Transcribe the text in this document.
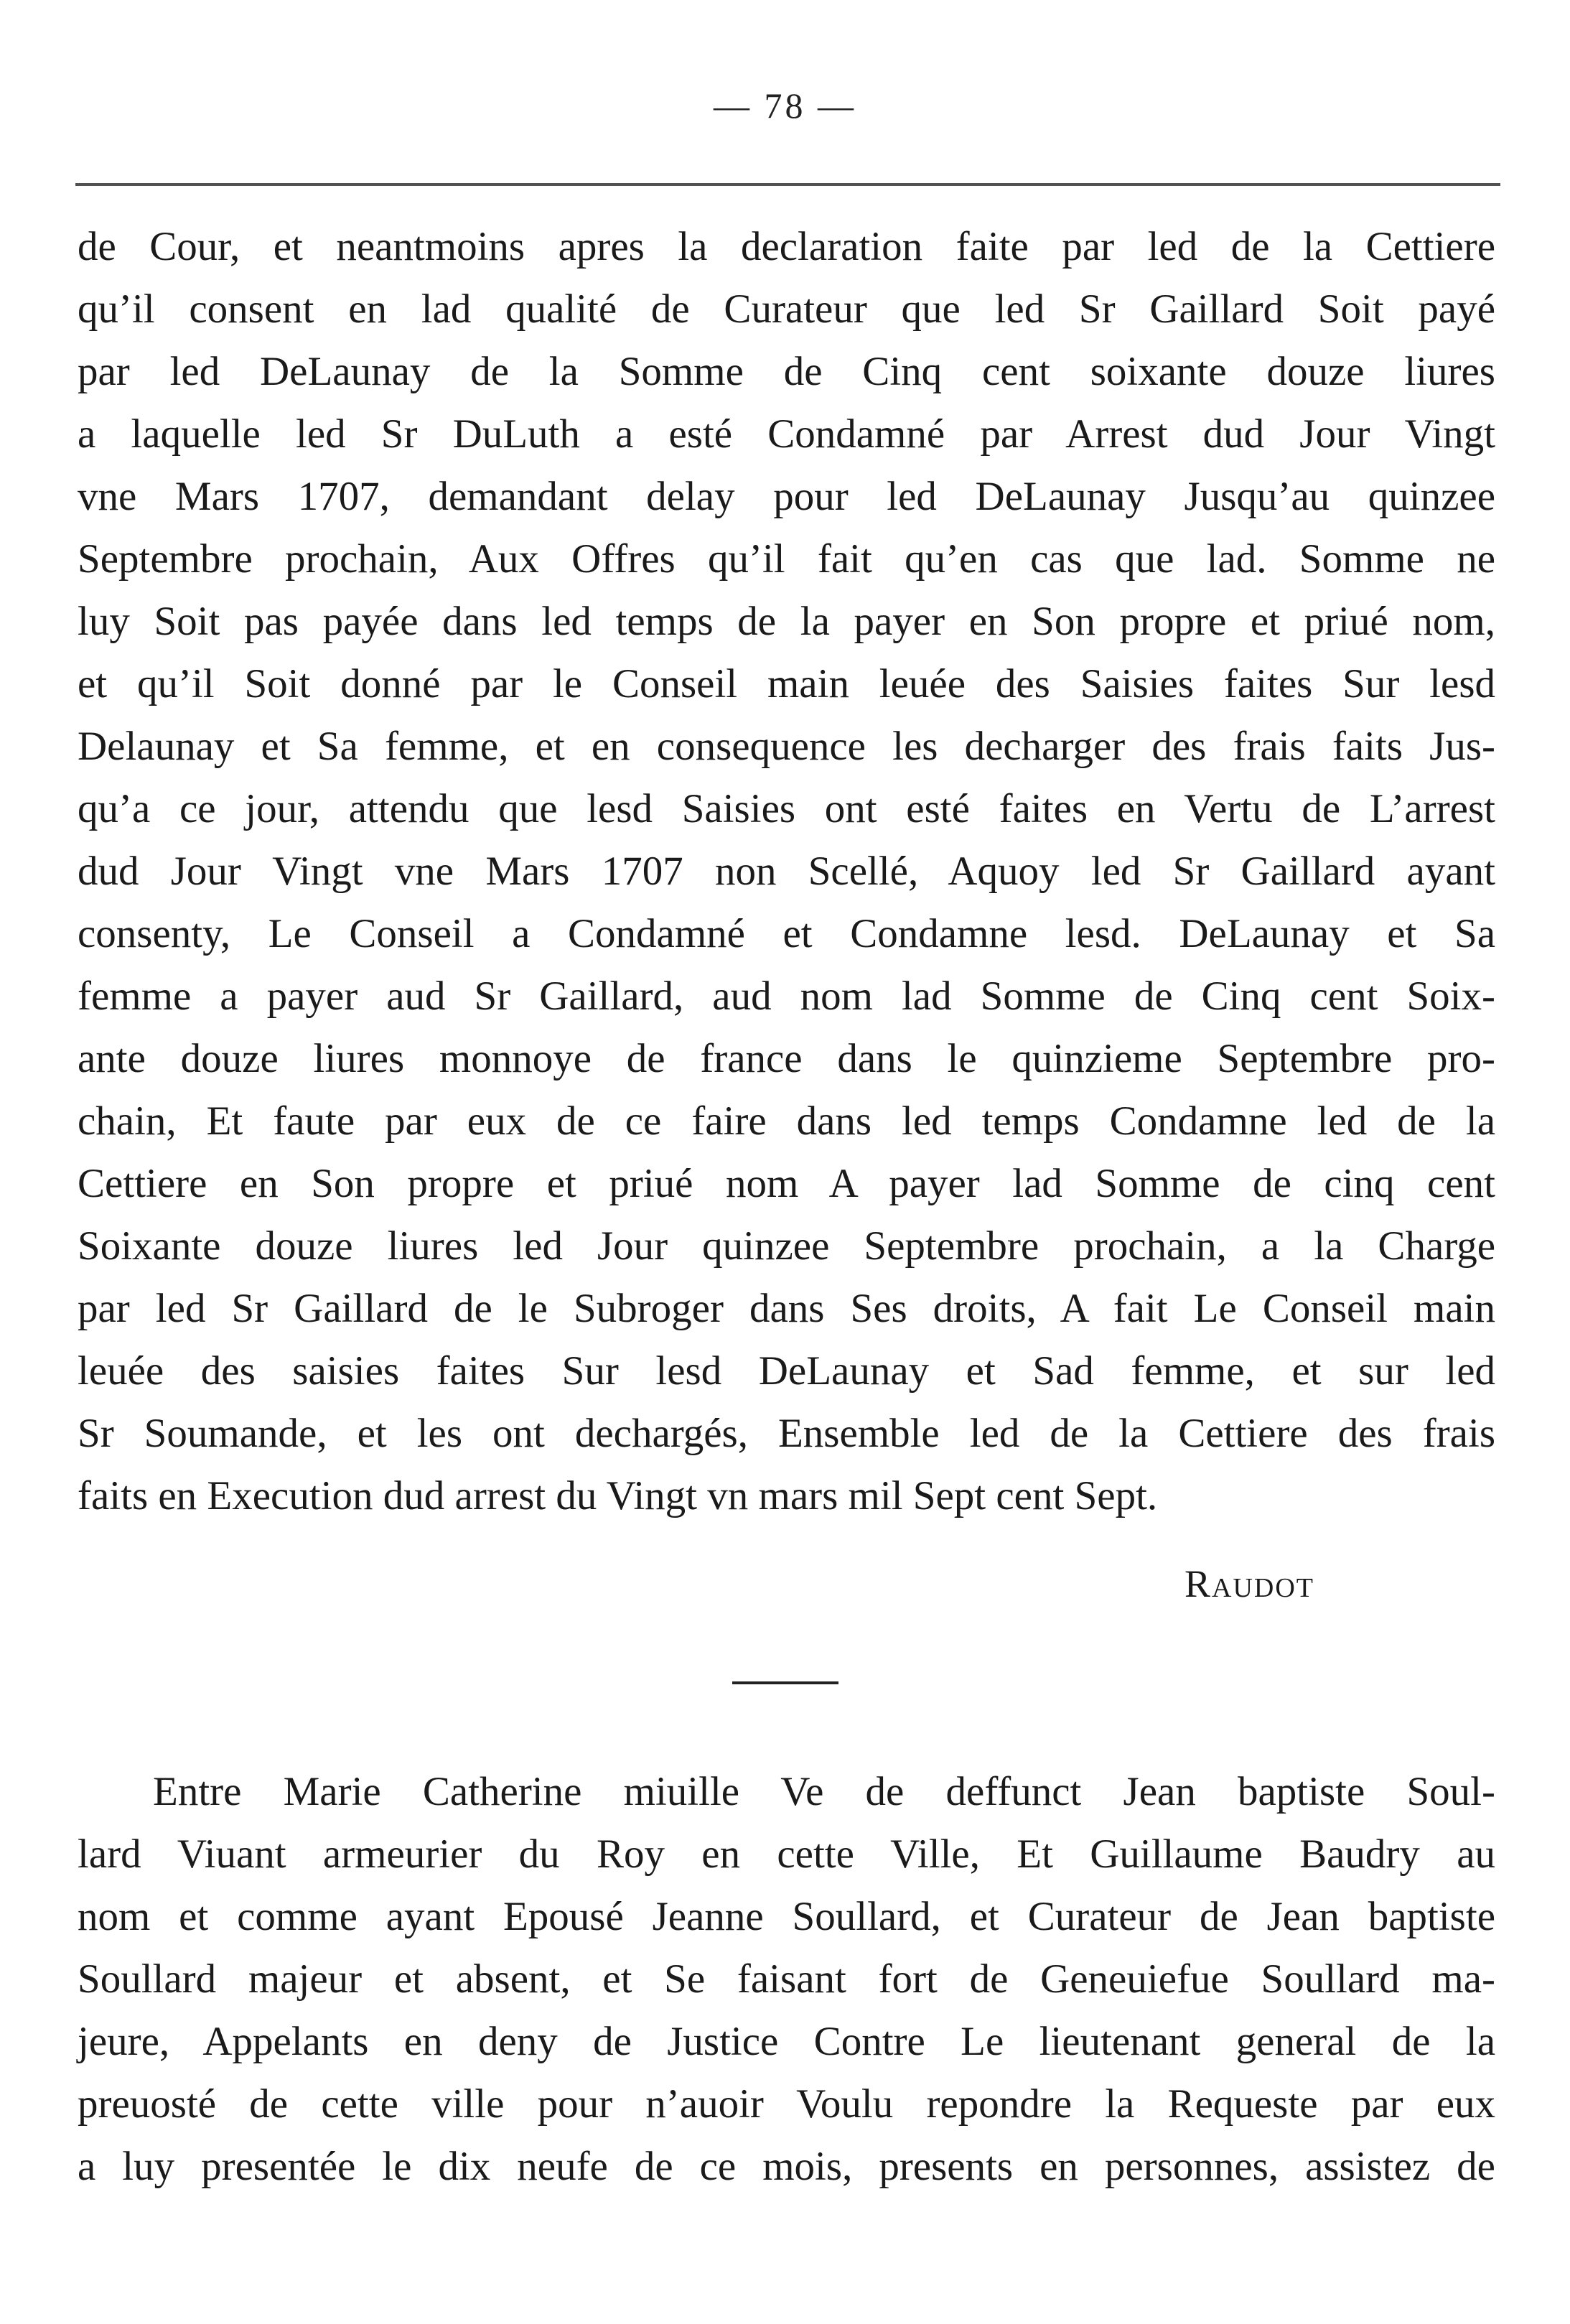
— 78 —
de Cour, et neantmoins apres la declaration faite par led de la Cettiere
qu’il consent en lad qualité de Curateur que led Sr Gaillard Soit payé
par led DeLaunay de la Somme de Cinq cent soixante douze liures
a laquelle led Sr DuLuth a esté Condamné par Arrest dud Jour Vingt
vne Mars 1707, demandant delay pour led DeLaunay Jusqu’au quinzee
Septembre prochain, Aux Offres qu’il fait qu’en cas que lad. Somme ne
luy Soit pas payée dans led temps de la payer en Son propre et priué nom,
et qu’il Soit donné par le Conseil main leuée des Saisies faites Sur lesd
Delaunay et Sa femme, et en consequence les decharger des frais faits Jus-
qu’a ce jour, attendu que lesd Saisies ont esté faites en Vertu de L’arrest
dud Jour Vingt vne Mars 1707 non Scellé, Aquoy led Sr Gaillard ayant
consenty, Le Conseil a Condamné et Condamne lesd. DeLaunay et Sa
femme a payer aud Sr Gaillard, aud nom lad Somme de Cinq cent Soix-
ante douze liures monnoye de france dans le quinzieme Septembre pro-
chain, Et faute par eux de ce faire dans led temps Condamne led de la
Cettiere en Son propre et priué nom A payer lad Somme de cinq cent
Soixante douze liures led Jour quinzee Septembre prochain, a la Charge
par led Sr Gaillard de le Subroger dans Ses droits, A fait Le Conseil main
leuée des saisies faites Sur lesd DeLaunay et Sad femme, et sur led
Sr Soumande, et les ont dechargés, Ensemble led de la Cettiere des frais
faits en Execution dud arrest du Vingt vn mars mil Sept cent Sept.
Raudot
Entre Marie Catherine miuille Ve de deffunct Jean baptiste Soul-
lard Viuant armeurier du Roy en cette Ville, Et Guillaume Baudry au
nom et comme ayant Epousé Jeanne Soullard, et Curateur de Jean baptiste
Soullard majeur et absent, et Se faisant fort de Geneuiefue Soullard ma-
jeure, Appelants en deny de Justice Contre Le lieutenant general de la
preuosté de cette ville pour n’auoir Voulu repondre la Requeste par eux
a luy presentée le dix neufe de ce mois, presents en personnes, assistez de
